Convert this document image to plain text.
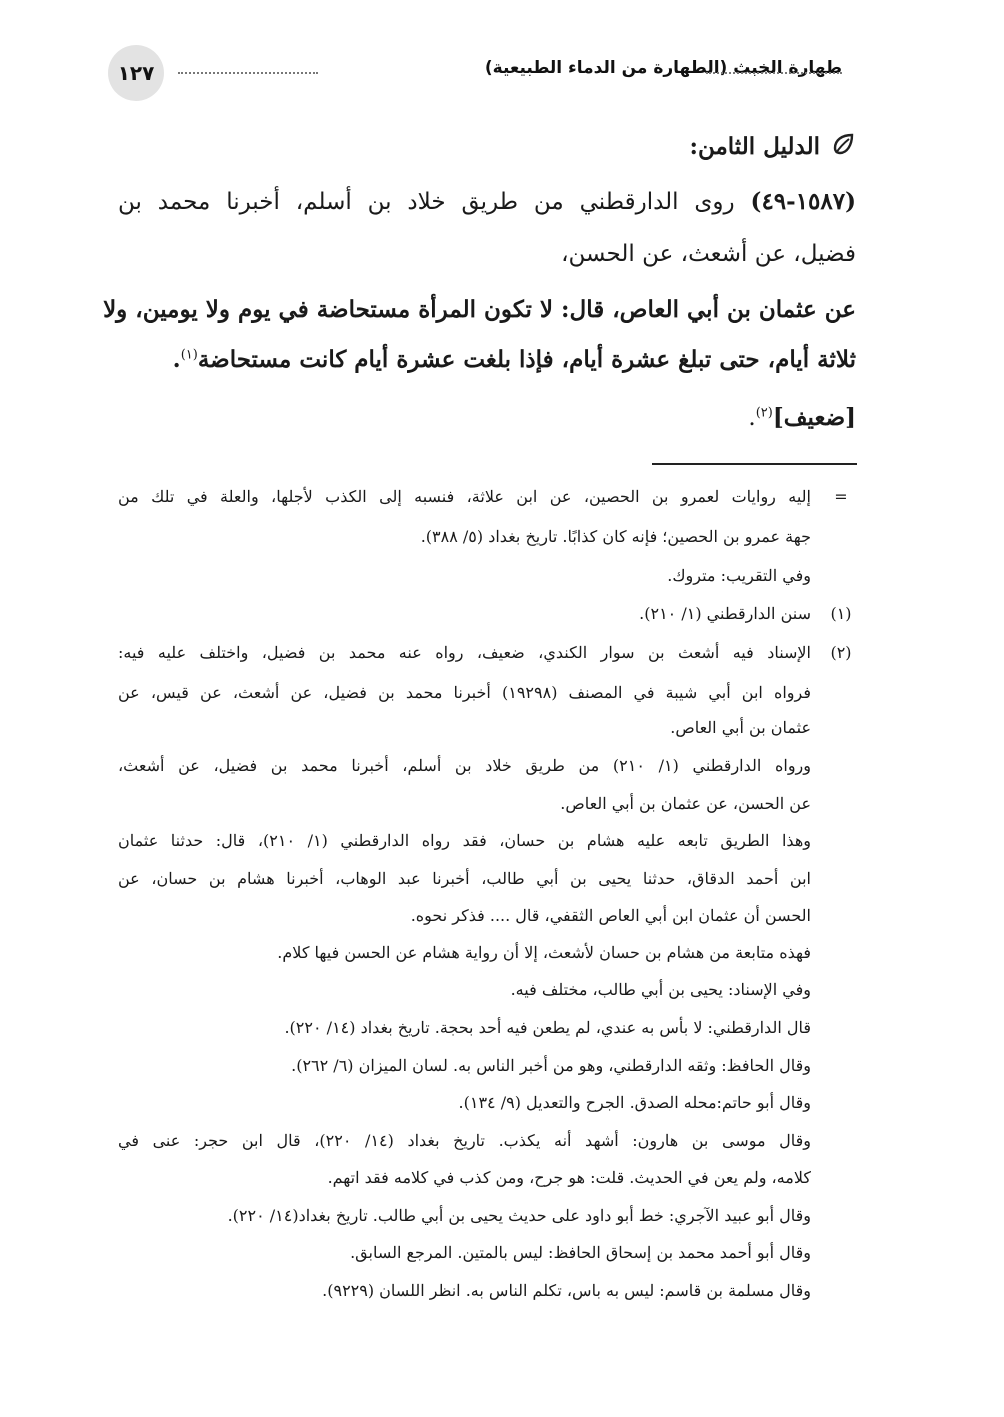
١٢٧	طهارة الخبث (الطهارة من الدماء الطبيعية)
الدليل الثامن:
(١٥٨٧-٤٩) روى الدارقطني من طريق خلاد بن أسلم، أخبرنا محمد بن
فضيل، عن أشعث، عن الحسن،
عن عثمان بن أبي العاص، قال: لا تكون المرأة مستحاضة في يوم ولا يومين، ولا
ثلاثة أيام، حتى تبلغ عشرة أيام، فإذا بلغت عشرة أيام كانت مستحاضة$^{(١)}$.
[ضعيف]$^{(٢)}$.
=
إليه روايات لعمرو بن الحصين، عن ابن علاثة، فنسبه إلى الكذب لأجلها، والعلة في تلك من
جهة عمرو بن الحصين؛ فإنه كان كذابًا. تاريخ بغداد (٥/ ٣٨٨).
وفي التقريب: متروك.
(١)
سنن الدارقطني (١/ ٢١٠).
(٢)
الإسناد فيه أشعث بن سوار الكندي، ضعيف، رواه عنه محمد بن فضيل، واختلف عليه فيه:
فرواه ابن أبي شيبة في المصنف (١٩٢٩٨) أخبرنا محمد بن فضيل، عن أشعث، عن قيس، عن
عثمان بن أبي العاص.
ورواه الدارقطني (١/ ٢١٠) من طريق خلاد بن أسلم، أخبرنا محمد بن فضيل، عن أشعث،
عن الحسن، عن عثمان بن أبي العاص.
وهذا الطريق تابعه عليه هشام بن حسان، فقد رواه الدارقطني (١/ ٢١٠)، قال: حدثنا عثمان
ابن أحمد الدقاق، حدثنا يحيى بن أبي طالب، أخبرنا عبد الوهاب، أخبرنا هشام بن حسان، عن
الحسن أن عثمان ابن أبي العاص الثقفي، قال .... فذكر نحوه.
فهذه متابعة من هشام بن حسان لأشعث، إلا أن رواية هشام عن الحسن فيها كلام.
وفي الإسناد: يحيى بن أبي طالب، مختلف فيه.
قال الدارقطني: لا بأس به عندي، لم يطعن فيه أحد بحجة. تاريخ بغداد (١٤/ ٢٢٠).
وقال الحافظ: وثقه الدارقطني، وهو من أخبر الناس به. لسان الميزان (٦/ ٢٦٢).
وقال أبو حاتم:محله الصدق. الجرح والتعديل (٩/ ١٣٤).
وقال موسى بن هارون: أشهد أنه يكذب. تاريخ بغداد (١٤/ ٢٢٠)، قال ابن حجر: عنى في
كلامه، ولم يعن في الحديث. قلت: هو جرح، ومن كذب في كلامه فقد اتهم.
وقال أبو عبيد الآجري: خط أبو داود على حديث يحيى بن أبي طالب. تاريخ بغداد(١٤/ ٢٢٠).
وقال أبو أحمد محمد بن إسحاق الحافظ: ليس بالمتين. المرجع السابق.
وقال مسلمة بن قاسم: ليس به باس، تكلم الناس به. انظر اللسان (٩٢٢٩).
